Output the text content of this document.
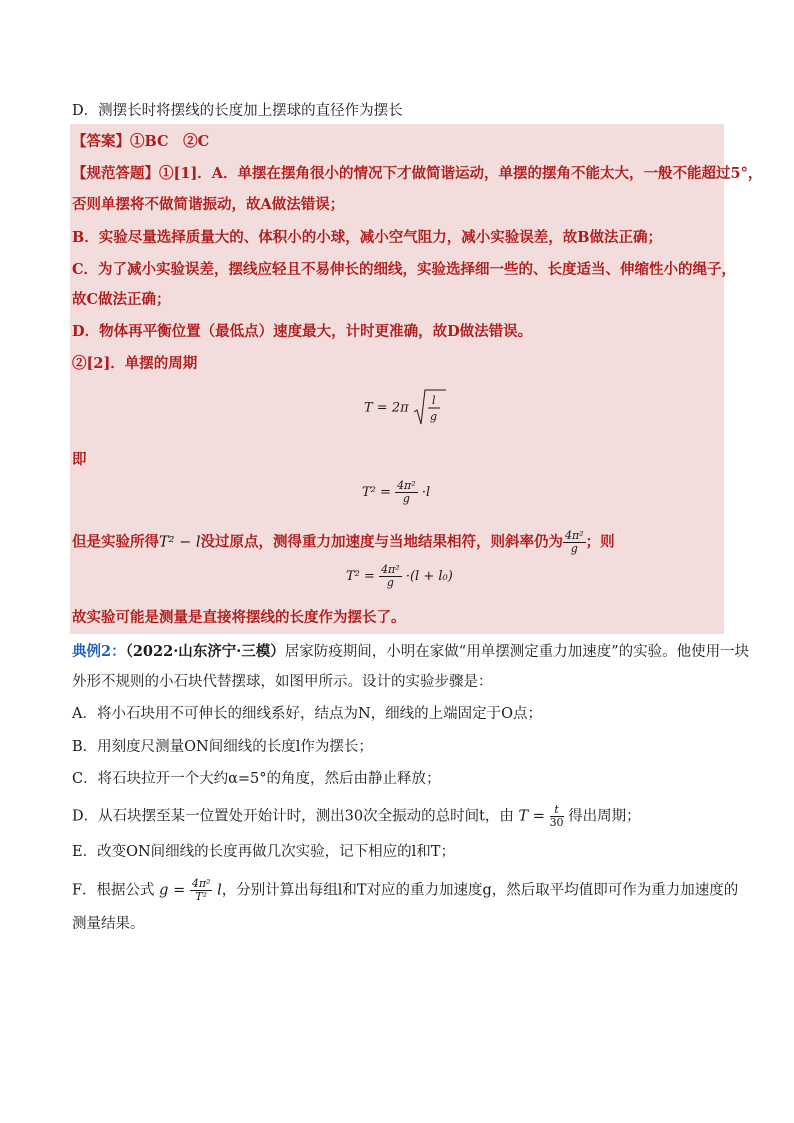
D．测摆长时将摆线的长度加上摆球的直径作为摆长
【答案】①BC　②C
【规范答题】①[1]．A．单摆在摆角很小的情况下才做简谐运动，单摆的摆角不能太大，一般不能超过5°，
否则单摆将不做简谐振动，故A做法错误；
B．实验尽量选择质量大的、体积小的小球，减小空气阻力，减小实验误差，故B做法正确；
C．为了减小实验误差，摆线应轻且不易伸长的细线，实验选择细一些的、长度适当、伸缩性小的绳子，
故C做法正确；
D．物体再平衡位置（最低点）速度最大，计时更准确，故D做法错误。
②[2]．单摆的周期
T = 2π l
g
即
$T^2 = \frac{\text{4π²}}{g} \cdot l$
但是实验所得T² − l没过原点，测得重力加速度与当地结果相符，则斜率仍为 $\frac{\text{4π²}}{g}$ ；则
$T^2 = \frac{\text{4π²}}{g} \cdot(l + l_0)$
故实验可能是测量是直接将摆线的长度作为摆长了。
典例2：（2022·山东济宁·三模）居家防疫期间，小明在家做“用单摆测定重力加速度”的实验。他使用一块
外形不规则的小石块代替摆球，如图甲所示。设计的实验步骤是：
A．将小石块用不可伸长的细线系好，结点为N，细线的上端固定于O点；
B．用刻度尺测量ON间细线的长度l作为摆长；
C．将石块拉开一个大约α=5°的角度，然后由静止释放；
D．从石块摆至某一位置处开始计时，测出30次全振动的总时间t，由 $T = \frac{t}{30}$ 得出周期；
E．改变ON间细线的长度再做几次实验，记下相应的l和T；
F．根据公式 $g = \frac{\text{4π²}}{\text{T²}}$ l，分别计算出每组l和T对应的重力加速度g，然后取平均值即可作为重力加速度的
测量结果。
